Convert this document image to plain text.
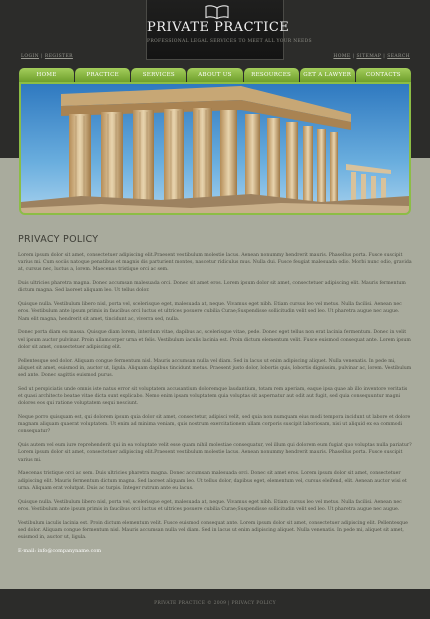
LOGIN | REGISTER	HOME | SITEMAP | SEARCH
PRIVATE PRACTICE
PROFESSIONAL LEGAL SERVICES TO MEET ALL YOUR NEEDS
HOME	PRACTICE	SERVICES	ABOUT US	RESOURCES	GET A LAWYER	CONTACTS
PRIVACY POLICY

Lorem ipsum dolor sit amet, consectetuer adipiscing elit.Praesent vestibulum molestie lacus. Aenean nonummy hendrerit mauris. Phasellus porta. Fusce suscipit varius mi. Cum sociis natoque penatibus et magnis dis parturient montes, nascetur ridiculus mus. Nulla dui. Fusce feugiat malesuada odio. Morbi nunc odio, gravida at, cursus nec, luctus a, lorem. Maecenas tristique orci ac sem.

Duis ultricies pharetra magna. Donec accumsan malesuada orci. Donec sit amet eros. Lorem ipsum dolor sit amet, consectetuer adipiscing elit. Mauris fermentum dictum magna. Sed laoreet aliquam leo. Ut tellus dolor.

Quisque nulla. Vestibulum libero nisl, porta vel, scelerisque eget, malesuada at, neque. Vivamus eget nibh. Etiam cursus leo vel metus. Nulla facilisi. Aenean nec eros. Vestibulum ante ipsum primis in faucibus orci luctus et ultrices posuere cubilia Curae;Suspendisse sollicitudin velit sed leo. Ut pharetra augue nec augue. Nam elit magna, hendrerit sit amet, tincidunt ac, viverra sed, nulla.

Donec porta diam eu massa. Quisque diam lorem, interdum vitae, dapibus ac, scelerisque vitae, pede. Donec eget tellus non erat lacinia fermentum. Donec in velit vel ipsum auctor pulvinar. Proin ullamcorper urna et felis. Vestibulum iaculis lacinia est. Proin dictum elementum velit. Fusce euismod consequat ante. Lorem ipsum dolor sit amet, consectetuer adipiscing elit.

Pellentesque sed dolor. Aliquam congue fermentum nisl. Mauris accumsan nulla vel diam. Sed in lacus ut enim adipiscing aliquet. Nulla venenatis. In pede mi, aliquet sit amet, euismod in, auctor ut, ligula. Aliquam dapibus tincidunt metus. Praesent justo dolor, lobortis quis, lobortis dignissim, pulvinar ac, lorem. Vestibulum sed ante. Donec sagittis euismod purus.

Sed ut perspiciatis unde omnis iste natus error sit voluptatem accusantium doloremque laudantium, totam rem aperiam, eaque ipsa quae ab illo inventore veritatis et quasi architecto beatae vitae dicta sunt explicabo. Nemo enim ipsam voluptatem quia voluptas sit aspernatur aut odit aut fugit, sed quia consequuntur magni dolores eos qui ratione voluptatem sequi nesciunt.

Neque porro quisquam est, qui dolorem ipsum quia dolor sit amet, consectetur, adipisci velit, sed quia non numquam eius modi tempora incidunt ut labore et dolore magnam aliquam quaerat voluptatem. Ut enim ad minima veniam, quis nostrum exercitationem ullam corporis suscipit laboriosam, nisi ut aliquid ex ea commodi consequatur?

Quis autem vel eum iure reprehenderit qui in ea voluptate velit esse quam nihil molestiae consequatur, vel illum qui dolorem eum fugiat quo voluptas nulla pariatur?Lorem ipsum dolor sit amet, consectetuer adipiscing elit.Praesent vestibulum molestie lacus. Aenean nonummy hendrerit mauris. Phasellus porta. Fusce suscipit varius mi.

Maecenas tristique orci ac sem. Duis ultricies pharetra magna. Donec accumsan malesuada orci. Donec sit amet eros. Lorem ipsum dolor sit amet, consectetuer adipiscing elit. Mauris fermentum dictum magna. Sed laoreet aliquam leo. Ut tellus dolor, dapibus eget, elementum vel, cursus eleifend, elit. Aenean auctor wisi et urna. Aliquam erat volutpat. Duis ac turpis. Integer rutrum ante eu lacus.

Quisque nulla. Vestibulum libero nisl, porta vel, scelerisque eget, malesuada at, neque. Vivamus eget nibh. Etiam cursus leo vel metus. Nulla facilisi. Aenean nec eros. Vestibulum ante ipsum primis in faucibus orci luctus et ultrices posuere cubilia Curae;Suspendisse sollicitudin velit sed leo. Ut pharetra augue nec augue.

Vestibulum iaculis lacinia est. Proin dictum elementum velit. Fusce euismod consequat ante. Lorem ipsum dolor sit amet, consectetuer adipiscing elit. Pellentesque sed dolor. Aliquam congue fermentum nisl. Mauris accumsan nulla vel diam. Sed in lacus ut enim adipiscing aliquet. Nulla venenatis. In pede mi, aliquet sit amet, euismod in, auctor ut, ligula.

E-mail: info@companyname.com
PRIVATE PRACTICE © 2009 | PRIVACY POLICY
